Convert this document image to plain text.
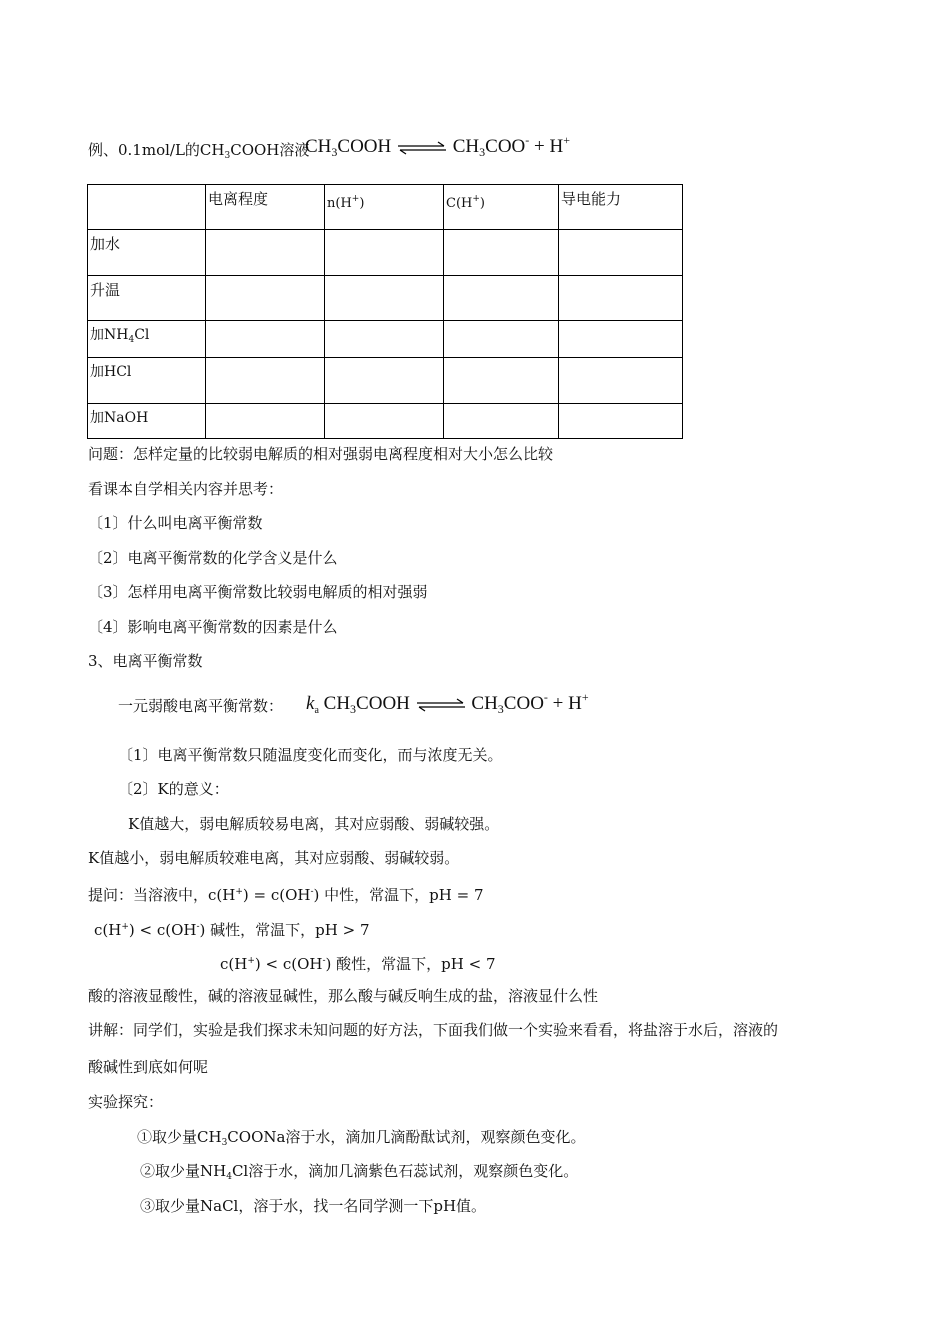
例、0.1mol/L的$CH_3COOH$溶液
$CH_3COOH$ ⇌ $CH_3COO^- + H^+$
	电离程度	n(H+)	C(H+)	导电能力
加水				
升温				
加$NH_4Cl$				
加HCl				
加NaOH				
问题：怎样定量的比较弱电解质的相对强弱电离程度相对大小怎么比较
看课本自学相关内容并思考：
〔1〕什么叫电离平衡常数
〔2〕电离平衡常数的化学含义是什么
〔3〕怎样用电离平衡常数比较弱电解质的相对强弱
〔4〕影响电离平衡常数的因素是什么
3、电离平衡常数
一元弱酸电离平衡常数： $k_a$ $CH_3COOH$ ⇌ $CH_3COO^- + H^+$
〔1〕电离平衡常数只随温度变化而变化，而与浓度无关。
〔2〕K的意义：
K值越大，弱电解质较易电离，其对应弱酸、弱碱较强。
K值越小，弱电解质较难电离，其对应弱酸、弱碱较弱。
提问：当溶液中，c(H+) = c(OH-) 中性，常温下，pH = 7
c(H+) < c(OH-) 碱性，常温下，pH > 7
c(H+) < c(OH-) 酸性，常温下，pH < 7
酸的溶液显酸性，碱的溶液显碱性，那么酸与碱反响生成的盐，溶液显什么性
讲解：同学们，实验是我们探求未知问题的好方法，下面我们做一个实验来看看，将盐溶于水后，溶液的
酸碱性到底如何呢
实验探究：
①取少量$CH_3COONa$溶于水，滴加几滴酚酞试剂，观察颜色变化。
②取少量$NH_4Cl$溶于水，滴加几滴紫色石蕊试剂，观察颜色变化。
③取少量NaCl，溶于水，找一名同学测一下pH值。
